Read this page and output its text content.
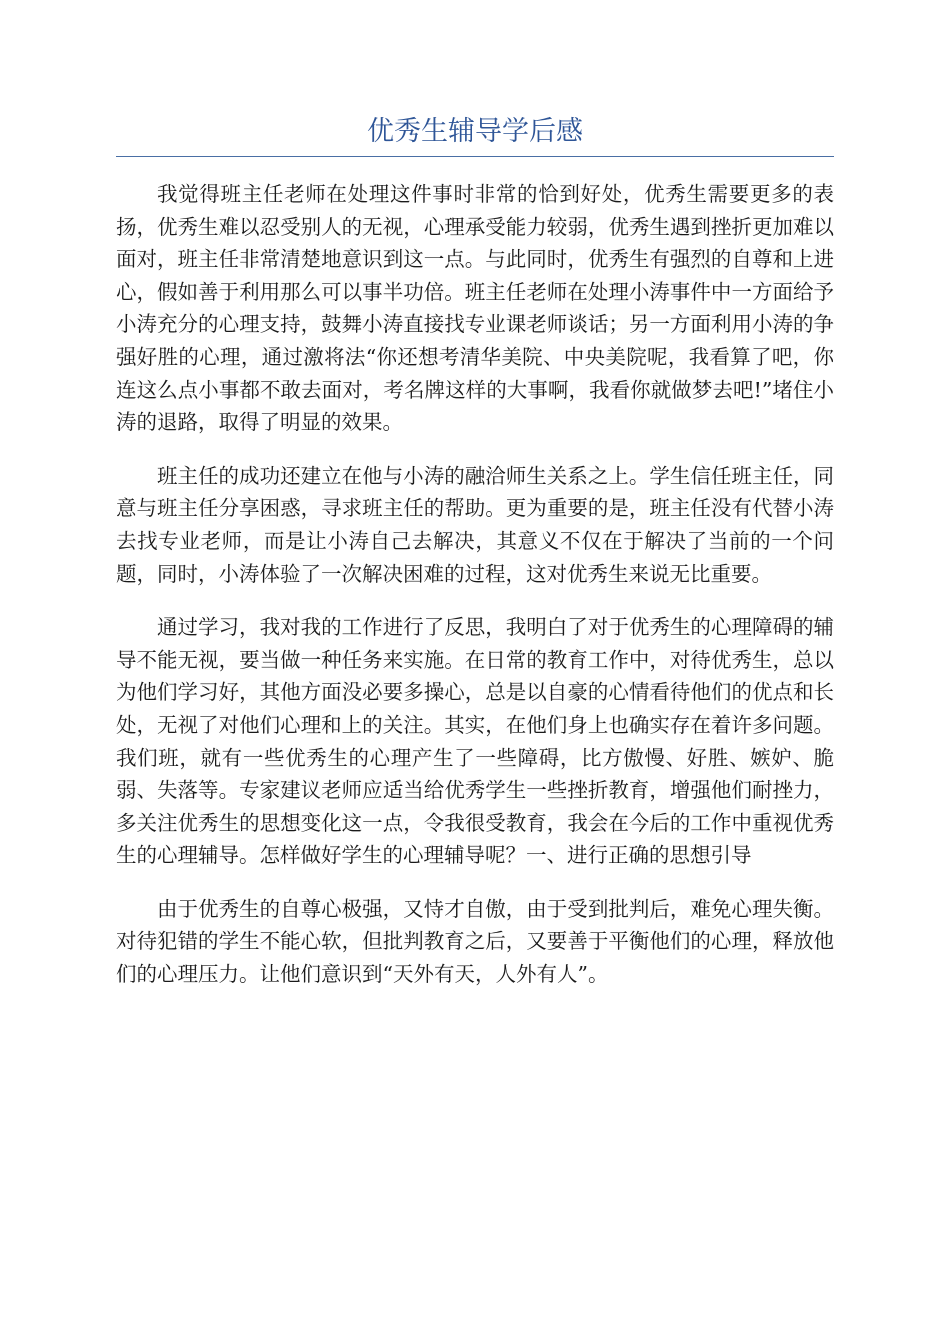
优秀生辅导学后感

我觉得班主任老师在处理这件事时非常的恰到好处，优秀生需要更多的表扬，优秀生难以忍受别人的无视，心理承受能力较弱，优秀生遇到挫折更加难以面对，班主任非常清楚地意识到这一点。与此同时，优秀生有强烈的自尊和上进心，假如善于利用那么可以事半功倍。班主任老师在处理小涛事件中一方面给予小涛充分的心理支持，鼓舞小涛直接找专业课老师谈话；另一方面利用小涛的争强好胜的心理，通过激将法“你还想考清华美院、中央美院呢，我看算了吧，你连这么点小事都不敢去面对，考名牌这样的大事啊，我看你就做梦去吧!”堵住小涛的退路，取得了明显的效果。

班主任的成功还建立在他与小涛的融洽师生关系之上。学生信任班主任，同意与班主任分享困惑，寻求班主任的帮助。更为重要的是，班主任没有代替小涛去找专业老师，而是让小涛自己去解决，其意义不仅在于解决了当前的一个问题，同时，小涛体验了一次解决困难的过程，这对优秀生来说无比重要。

通过学习，我对我的工作进行了反思，我明白了对于优秀生的心理障碍的辅导不能无视，要当做一种任务来实施。在日常的教育工作中，对待优秀生，总以为他们学习好，其他方面没必要多操心，总是以自豪的心情看待他们的优点和长处，无视了对他们心理和上的关注。其实，在他们身上也确实存在着许多问题。我们班，就有一些优秀生的心理产生了一些障碍，比方傲慢、好胜、嫉妒、脆弱、失落等。专家建议老师应适当给优秀学生一些挫折教育，增强他们耐挫力，多关注优秀生的思想变化这一点，令我很受教育，我会在今后的工作中重视优秀生的心理辅导。怎样做好学生的心理辅导呢？一、进行正确的思想引导

由于优秀生的自尊心极强，又恃才自傲，由于受到批判后，难免心理失衡。对待犯错的学生不能心软，但批判教育之后，又要善于平衡他们的心理，释放他们的心理压力。让他们意识到“天外有天，人外有人”。
